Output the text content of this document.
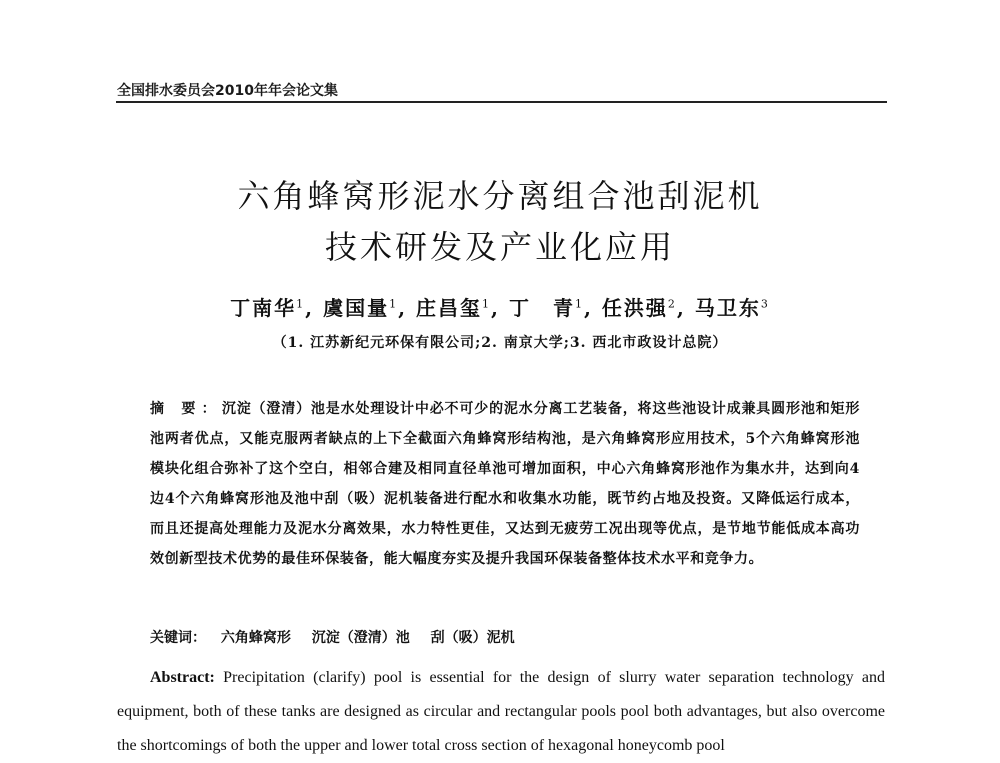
全国排水委员会2010年年会论文集
六角蜂窝形泥水分离组合池刮泥机
技术研发及产业化应用
丁南华$^1$, 虞国量$^1$, 庄昌玺$^1$, 丁　青$^1$, 任洪强$^2$, 马卫东$^3$
（1. 江苏新纪元环保有限公司;2. 南京大学;3. 西北市政设计总院）
摘 要：沉淀（澄清）池是水处理设计中必不可少的泥水分离工艺装备，将这些池设计成兼具圆形池和矩形池两者优点，又能克服两者缺点的上下全截面六角蜂窝形结构池，是六角蜂窝形应用技术，5个六角蜂窝形池模块化组合弥补了这个空白，相邻合建及相同直径单池可增加面积，中心六角蜂窝形池作为集水井，达到向4边4个六角蜂窝形池及池中刮（吸）泥机装备进行配水和收集水功能，既节约占地及投资。又降低运行成本，而且还提高处理能力及泥水分离效果，水力特性更佳，又达到无疲劳工况出现等优点，是节地节能低成本高功效创新型技术优势的最佳环保装备，能大幅度夯实及提升我国环保装备整体技术水平和竞争力。
关键词： 六角蜂窝形 沉淀（澄清）池 刮（吸）泥机
Abstract: Precipitation (clarify) pool is essential for the design of slurry water separation technology and equipment, both of these tanks are designed as circular and rectangular pools pool both advantages, but also overcome the shortcomings of both the upper and lower total cross section of hexagonal honeycomb pool
